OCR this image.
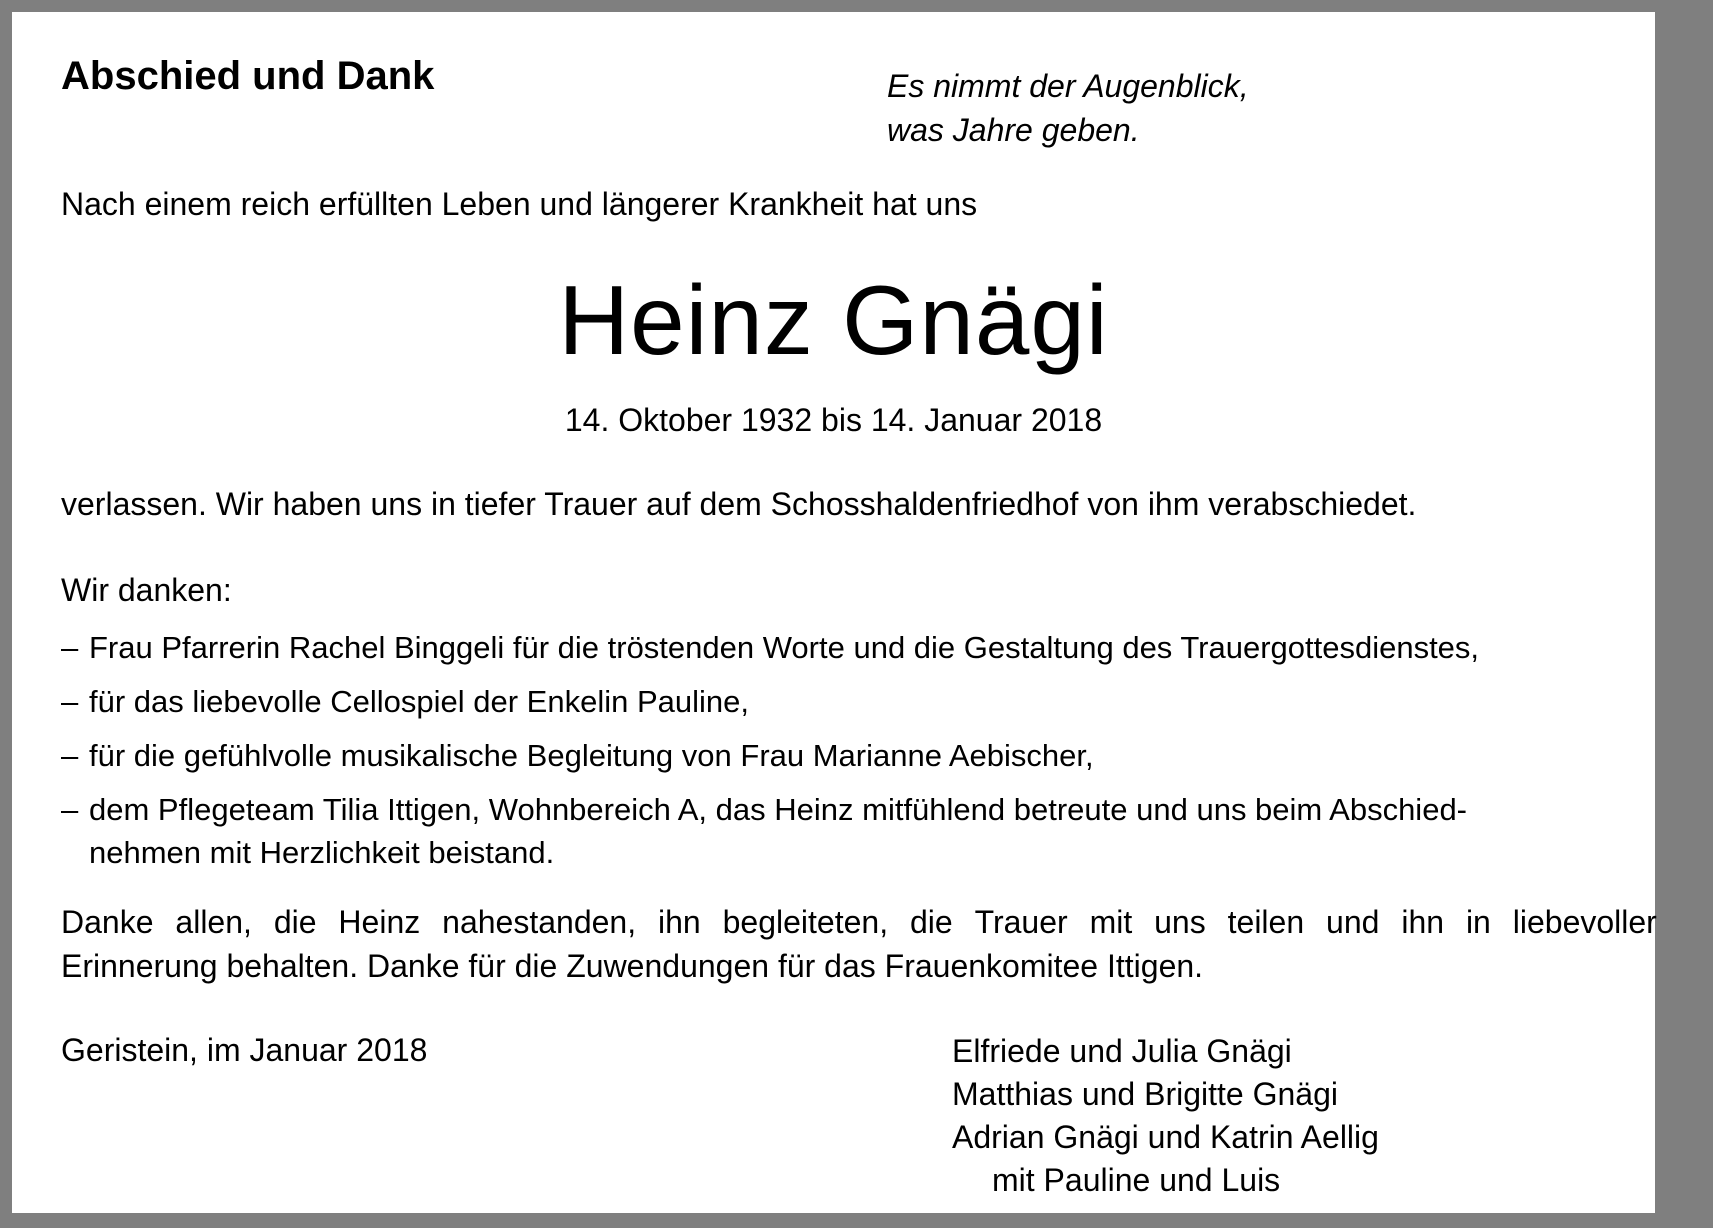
Abschied und Dank	Es nimmt der Augenblick,
was Jahre geben.
Nach einem reich erfüllten Leben und längerer Krankheit hat uns
Heinz Gnägi
14. Oktober 1932 bis 14. Januar 2018
verlassen. Wir haben uns in tiefer Trauer auf dem Schosshaldenfriedhof von ihm verabschiedet.
Wir danken:
– Frau Pfarrerin Rachel Binggeli für die tröstenden Worte und die Gestaltung des Trauergottesdienstes,
– für das liebevolle Cellospiel der Enkelin Pauline,
– für die gefühlvolle musikalische Begleitung von Frau Marianne Aebischer,
– dem Pflegeteam Tilia Ittigen, Wohnbereich A, das Heinz mitfühlend betreute und uns beim Abschied-
nehmen mit Herzlichkeit beistand.
Danke allen, die Heinz nahestanden, ihn begleiteten, die Trauer mit uns teilen und ihn in liebevoller
Erinnerung behalten. Danke für die Zuwendungen für das Frauenkomitee Ittigen.
Geristein, im Januar 2018	Elfriede und Julia Gnägi
Matthias und Brigitte Gnägi
Adrian Gnägi und Katrin Aellig
mit Pauline und Luis
